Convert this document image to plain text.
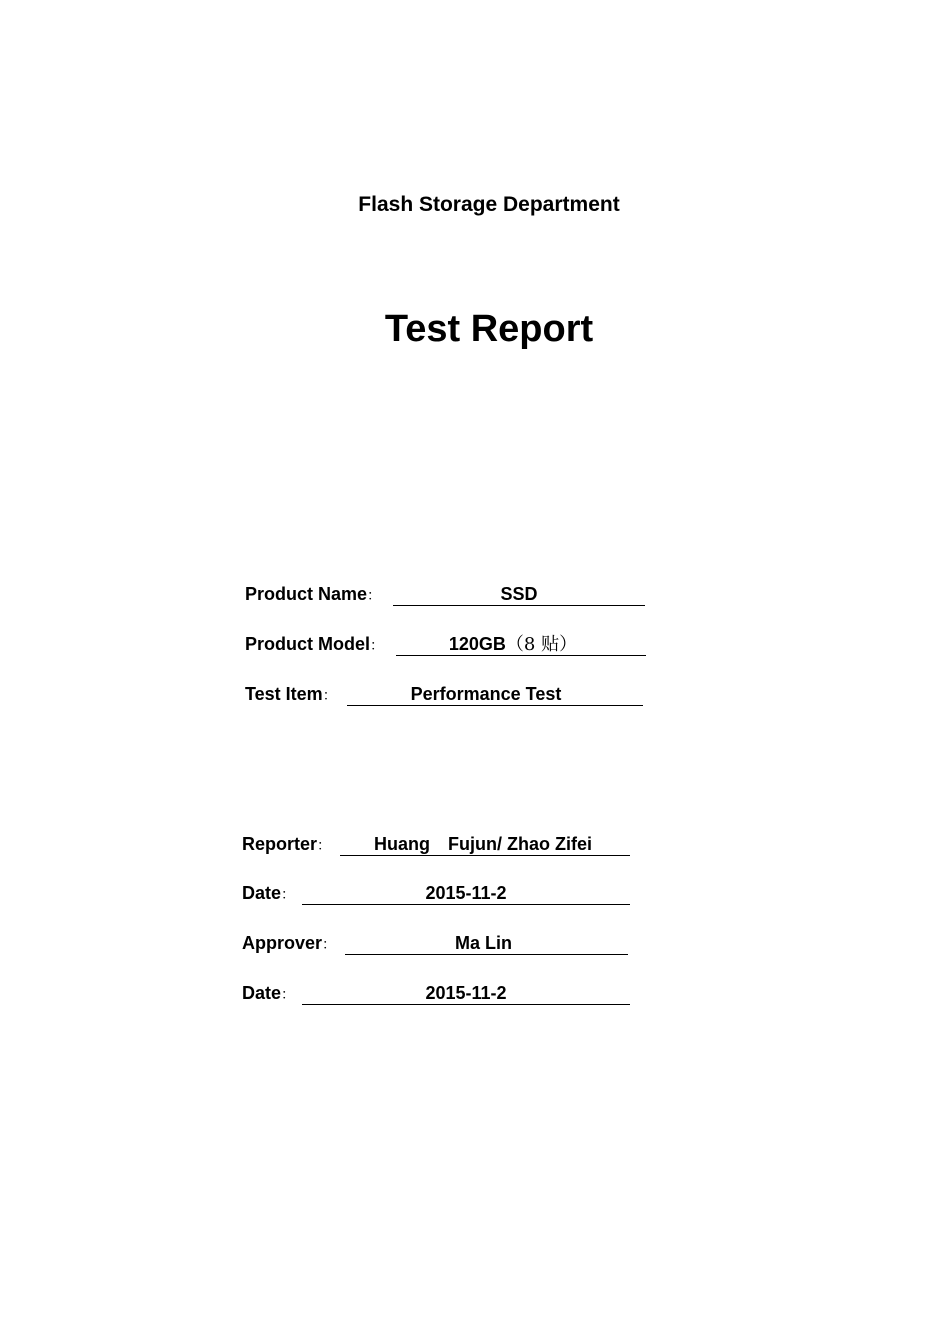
Flash Storage Department
Test Report
Product Name：	SSD
Product Model：	120GB（8 贴）
Test Item：	Performance Test
Reporter：	Huang Fujun/ Zhao Zifei
Date：	2015-11-2
Approver：	Ma Lin
Date：	2015-11-2
